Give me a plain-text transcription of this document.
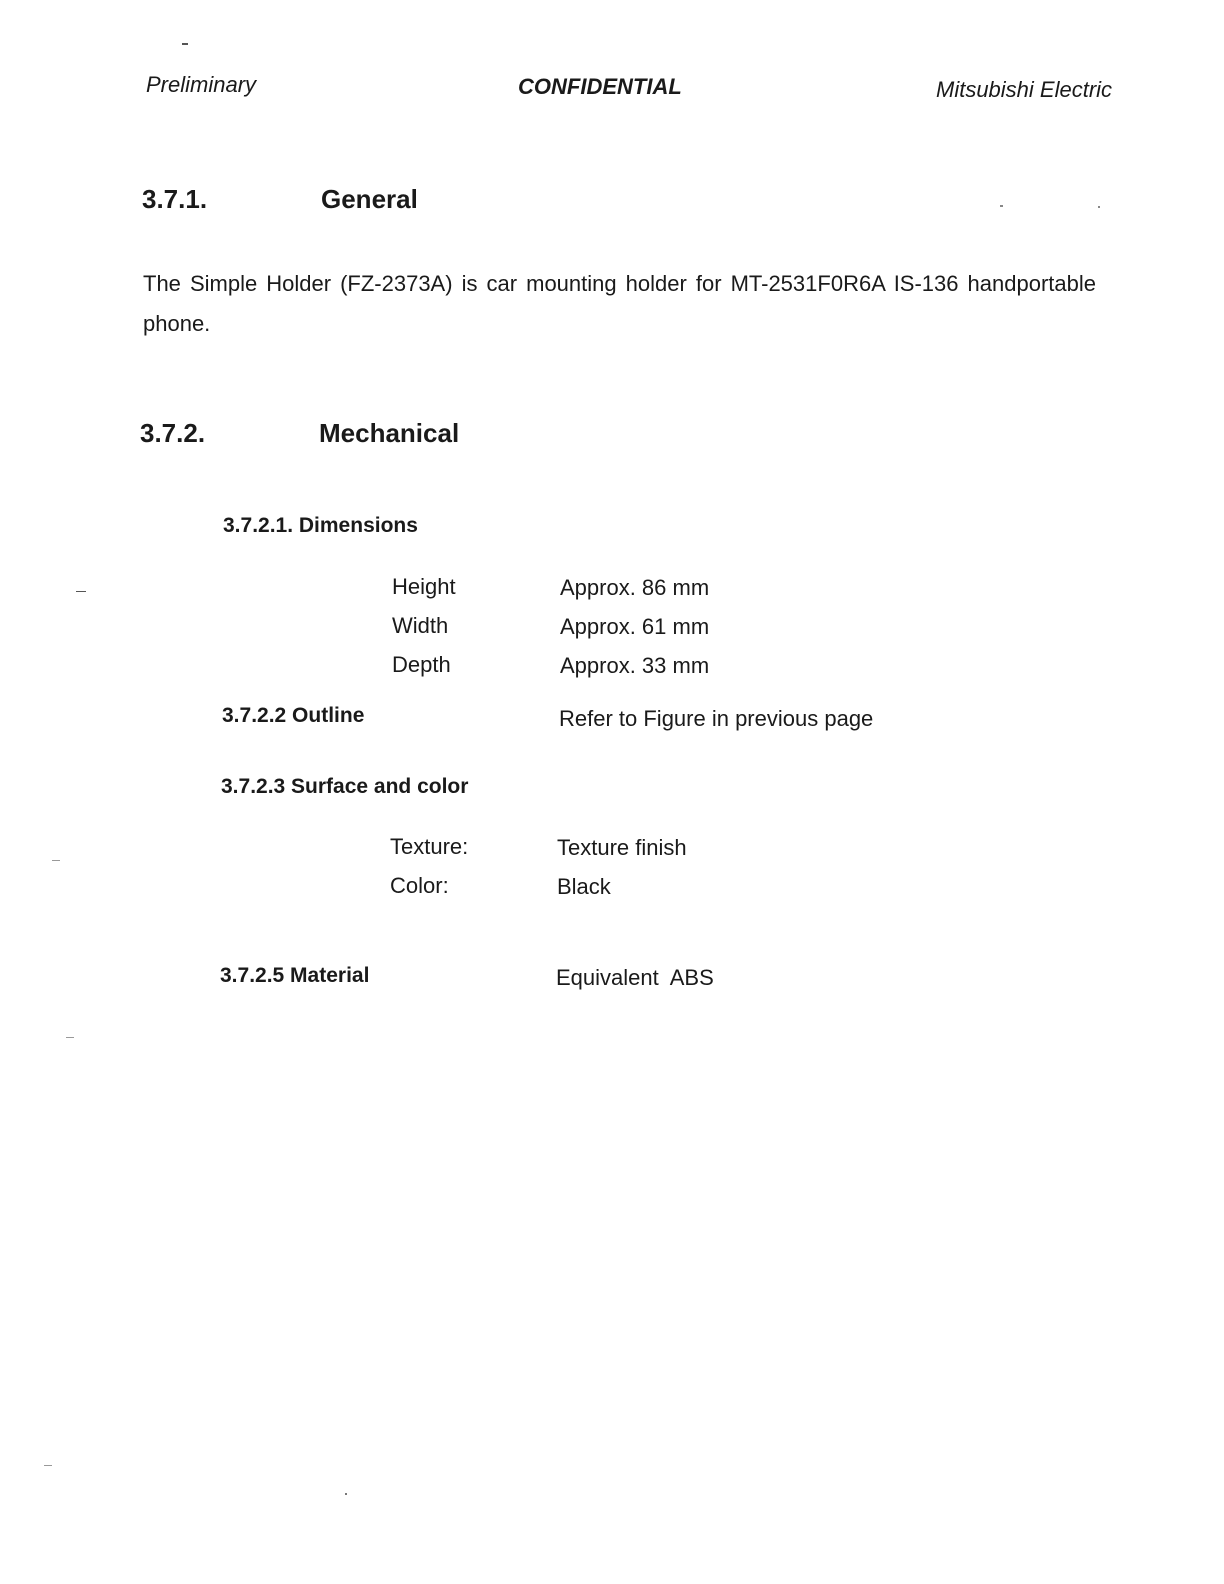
Preliminary	CONFIDENTIAL	Mitsubishi Electric
3.7.1.	General
The Simple Holder (FZ-2373A) is car mounting holder for MT-2531F0R6A IS-136 handportable phone.
3.7.2.	Mechanical
3.7.2.1. Dimensions
Height	Approx. 86 mm
Width	Approx. 61 mm
Depth	Approx. 33 mm
3.7.2.2 Outline	Refer to Figure in previous page
3.7.2.3 Surface and color
Texture:	Texture finish
Color:	Black
3.7.2.5 Material	Equivalent  ABS
